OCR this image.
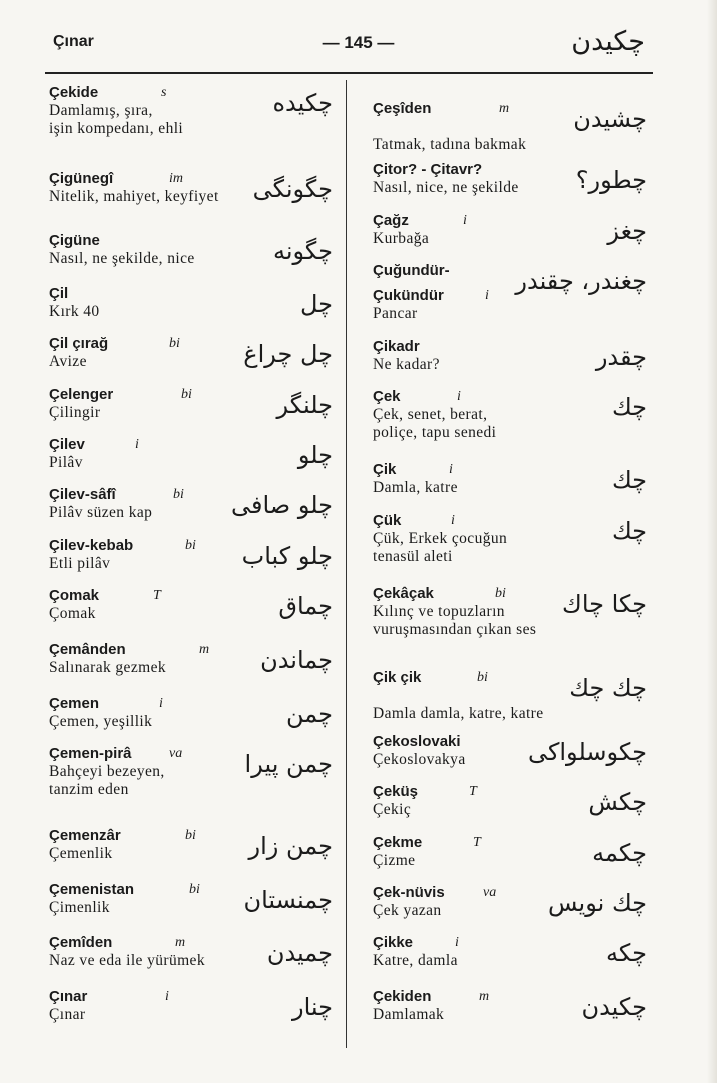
Çınar	— 145 —	چکیدن
Çekide	s
Damlamış, şıra,
işin kompedanı, ehli
چکیده
Çigünegî	im
Nitelik, mahiyet, keyfiyet	چگونگی
Çigüne
Nasıl, ne şekilde, nice	چگونه
Çil
Kırk 40	چل
Çil çırağ	bi
Avize	چل چراغ
Çelenger	bi
Çilingir	چلنگر
Çilev	i
Pilâv	چلو
Çilev-sâfî	bi
Pilâv süzen kap	چلو صافی
Çilev-kebab	bi
Etli pilâv	چلو کباب
Çomak	T
Çomak	چماق
Çemânden	m
Salınarak gezmek	چماندن
Çemen	i
Çemen, yeşillik	چمن
Çemen-pirâ	va
Bahçeyi bezeyen,
tanzim eden
چمن پیرا
Çemenzâr	bi
Çemenlik	چمن زار
Çemenistan	bi
Çimenlik	چمنستان
Çemîden	m
Naz ve eda ile yürümek	چمیدن
Çınar	i
Çınar	چنار
Çeşîden	m

Tatmak, tadına bakmak
چشیدن
Çitor? - Çitavr?
Nasıl, nice, ne şekilde	چطور؟
Çağz	i
Kurbağa	چغز
Çuğundür-	چغندر، چقندر
Çukündür	i
Pancar
Çikadr
Ne kadar?	چقدر
Çek	i
Çek, senet, berat,
poliçe, tapu senedi
چك
Çik	i
Damla, katre	چك
Çük	i
Çük, Erkek çocuğun
tenasül aleti
چك
Çekâçak	bi
Kılınç ve topuzların
vuruşmasından çıkan ses
چکا چاك
Çik çik	bi

Damla damla, katre, katre
چك چك
Çekoslovaki
Çekoslovakya	چکوسلواکی
Çeküş	T
Çekiç	چکش
Çekme	T
Çizme	چکمه
Çek-nüvis	va
Çek yazan	چك نویس
Çikke	i
Katre, damla	چکه
Çekiden	m
Damlamak	چکیدن
